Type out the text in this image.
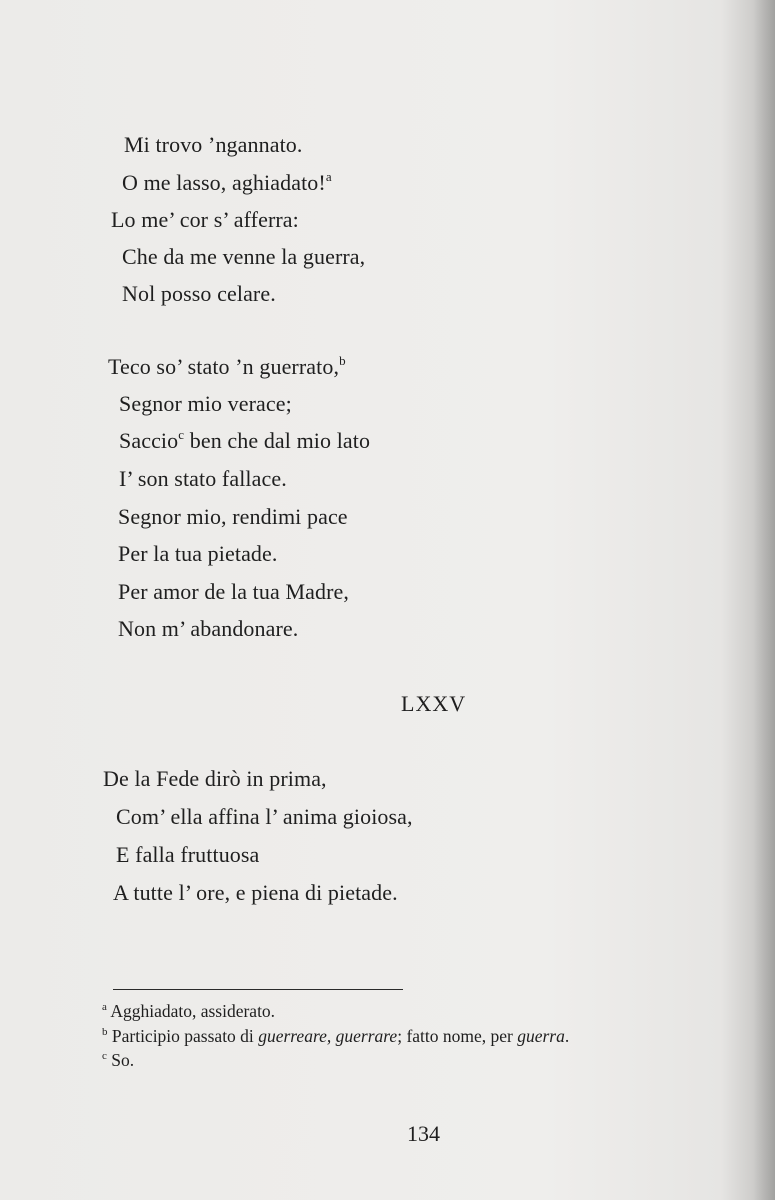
Mi trovo ’ngannato.
O me lasso, aghiadato!$^a$
Lo me’ cor s’ afferra:
Che da me venne la guerra,
Nol posso celare.
Teco so’ stato ’n guerrato,$^b$
Segnor mio verace;
Saccio$^c$ ben che dal mio lato
I’ son stato fallace.
Segnor mio, rendimi pace
Per la tua pietade.
Per amor de la tua Madre,
Non m’ abandonare.
LXXV
De la Fede dirò in prima,
Com’ ella affina l’ anima gioiosa,
E falla fruttuosa
A tutte l’ ore, e piena di pietade.
$^a$ Agghiadato, assiderato.
$^b$ Participio passato di guerreare, guerrare; fatto nome, per guerra.
$^c$ So.
134
